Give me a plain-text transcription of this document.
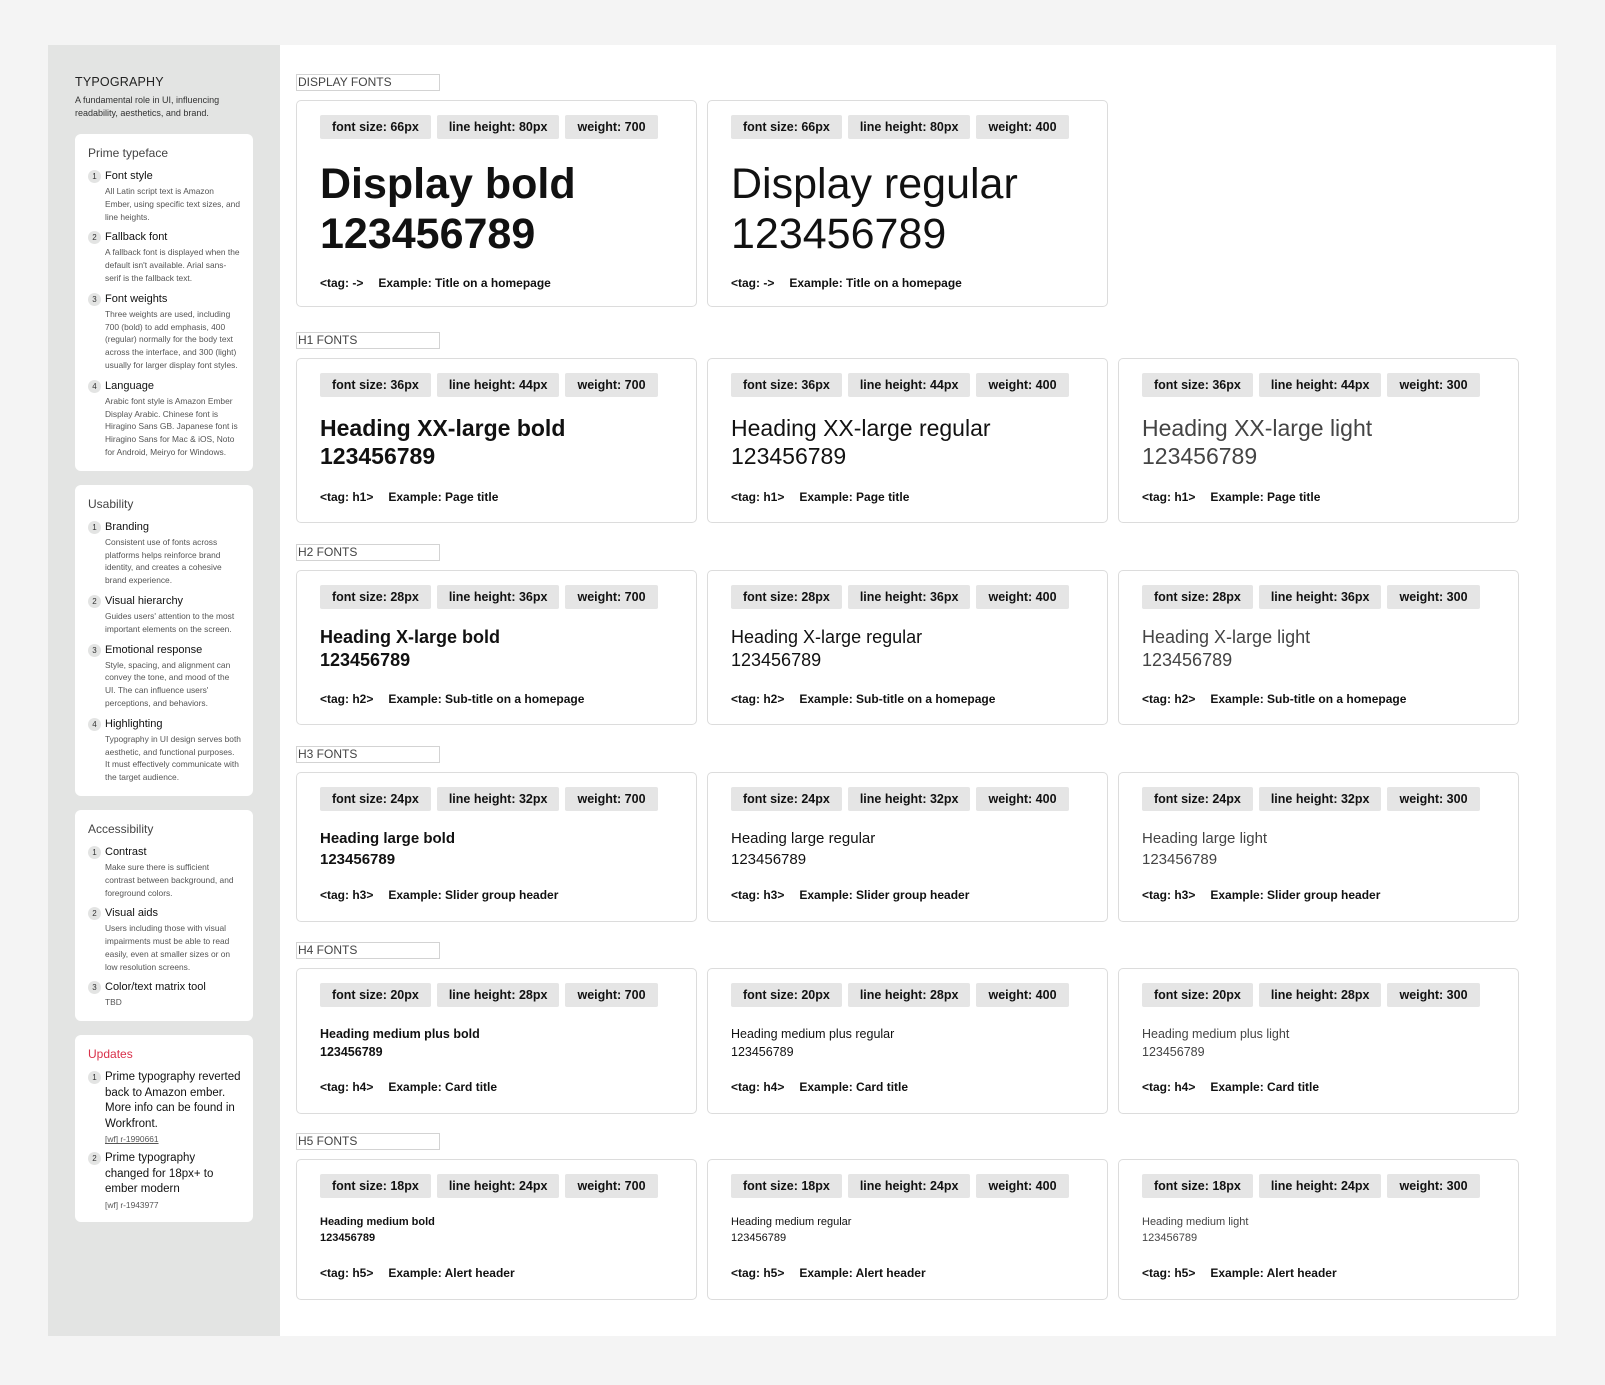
TYPOGRAPHY
A fundamental role in UI, influencing readability, aesthetics, and brand.
Prime typeface
1 Font style
All Latin script text is Amazon Ember, using specific text sizes, and line heights.
2 Fallback font
A fallback font is displayed when the default isn't available. Arial sans-serif is the fallback text.
3 Font weights
Three weights are used, including 700 (bold) to add emphasis, 400 (regular) normally for the body text across the interface, and 300 (light) usually for larger display font styles.
4 Language
Arabic font style is Amazon Ember Display Arabic. Chinese font is Hiragino Sans GB. Japanese font is Hiragino Sans for Mac & iOS, Noto for Android, Meiryo for Windows.
Usability
1 Branding
Consistent use of fonts across platforms helps reinforce brand identity, and creates a cohesive brand experience.
2 Visual hierarchy
Guides users' attention to the most important elements on the screen.
3 Emotional response
Style, spacing, and alignment can convey the tone, and mood of the UI. The can influence users' perceptions, and behaviors.
4 Highlighting
Typography in UI design serves both aesthetic, and functional purposes. It must effectively communicate with the target audience.
Accessibility
1 Contrast
Make sure there is sufficient contrast between background, and foreground colors.
2 Visual aids
Users including those with visual impairments must be able to read easily, even at smaller sizes or on low resolution screens.
3 Color/text matrix tool
TBD
Updates
1 Prime typography reverted back to Amazon ember. More info can be found in Workfront.
[wf] r-1990661
2 Prime typography changed for 18px+ to ember modern
[wf] r-1943977
DISPLAY FONTS
font size: 66px	line height: 80px	weight: 700
Display bold
123456789
<tag: -> Example: Title on a homepage
font size: 66px	line height: 80px	weight: 400
Display regular
123456789
<tag: -> Example: Title on a homepage
H1 FONTS
font size: 36px	line height: 44px	weight: 700
Heading XX-large bold
123456789
<tag: h1> Example: Page title
font size: 36px	line height: 44px	weight: 400
Heading XX-large regular
123456789
<tag: h1> Example: Page title
font size: 36px	line height: 44px	weight: 300
Heading XX-large light
123456789
<tag: h1> Example: Page title
H2 FONTS
font size: 28px	line height: 36px	weight: 700
Heading X-large bold
123456789
<tag: h2> Example: Sub-title on a homepage
font size: 28px	line height: 36px	weight: 400
Heading X-large regular
123456789
<tag: h2> Example: Sub-title on a homepage
font size: 28px	line height: 36px	weight: 300
Heading X-large light
123456789
<tag: h2> Example: Sub-title on a homepage
H3 FONTS
font size: 24px	line height: 32px	weight: 700
Heading large bold
123456789
<tag: h3> Example: Slider group header
font size: 24px	line height: 32px	weight: 400
Heading large regular
123456789
<tag: h3> Example: Slider group header
font size: 24px	line height: 32px	weight: 300
Heading large light
123456789
<tag: h3> Example: Slider group header
H4 FONTS
font size: 20px	line height: 28px	weight: 700
Heading medium plus bold
123456789
<tag: h4> Example: Card title
font size: 20px	line height: 28px	weight: 400
Heading medium plus regular
123456789
<tag: h4> Example: Card title
font size: 20px	line height: 28px	weight: 300
Heading medium plus light
123456789
<tag: h4> Example: Card title
H5 FONTS
font size: 18px	line height: 24px	weight: 700
Heading medium bold
123456789
<tag: h5> Example: Alert header
font size: 18px	line height: 24px	weight: 400
Heading medium regular
123456789
<tag: h5> Example: Alert header
font size: 18px	line height: 24px	weight: 300
Heading medium light
123456789
<tag: h5> Example: Alert header
